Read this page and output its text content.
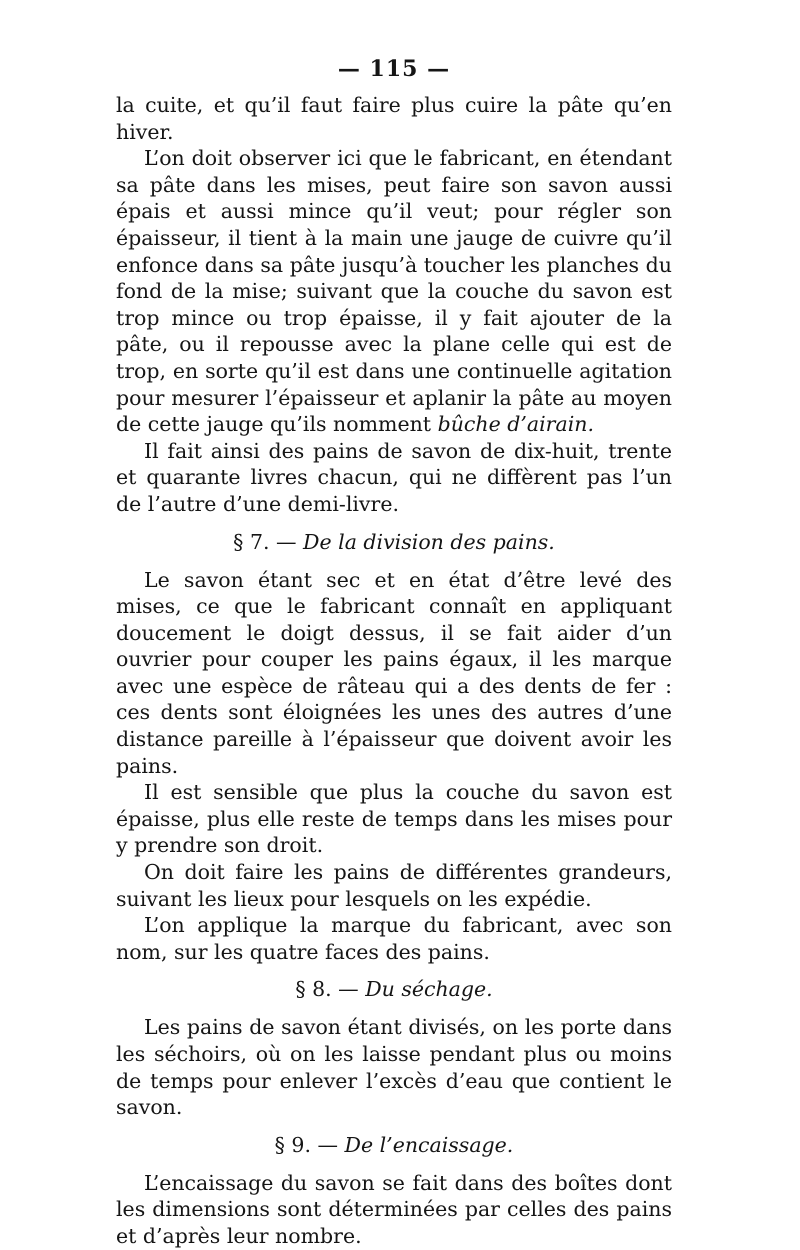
— 115 —

la cuite, et qu’il faut faire plus cuire la pâte qu’en hiver.

L’on doit observer ici que le fabricant, en étendant sa pâte dans les mises, peut faire son savon aussi épais et aussi mince qu’il veut; pour régler son épaisseur, il tient à la main une jauge de cuivre qu’il enfonce dans sa pâte jusqu’à toucher les planches du fond de la mise; suivant que la couche du savon est trop mince ou trop épaisse, il y fait ajouter de la pâte, ou il repousse avec la plane celle qui est de trop, en sorte qu’il est dans une continuelle agitation pour mesurer l’épaisseur et aplanir la pâte au moyen de cette jauge qu’ils nomment bûche d’airain.

Il fait ainsi des pains de savon de dix-huit, trente et quarante livres chacun, qui ne diffèrent pas l’un de l’autre d’une demi-livre.

§ 7. — De la division des pains.

Le savon étant sec et en état d’être levé des mises, ce que le fabricant connaît en appliquant doucement le doigt dessus, il se fait aider d’un ouvrier pour couper les pains égaux, il les marque avec une espèce de râteau qui a des dents de fer : ces dents sont éloignées les unes des autres d’une distance pareille à l’épaisseur que doivent avoir les pains.

Il est sensible que plus la couche du savon est épaisse, plus elle reste de temps dans les mises pour y prendre son droit.

On doit faire les pains de différentes grandeurs, suivant les lieux pour lesquels on les expédie.

L’on applique la marque du fabricant, avec son nom, sur les quatre faces des pains.

§ 8. — Du séchage.

Les pains de savon étant divisés, on les porte dans les séchoirs, où on les laisse pendant plus ou moins de temps pour enlever l’excès d’eau que contient le savon.

§ 9. — De l’encaissage.

L’encaissage du savon se fait dans des boîtes dont les dimensions sont déterminées par celles des pains et d’après leur nombre.
